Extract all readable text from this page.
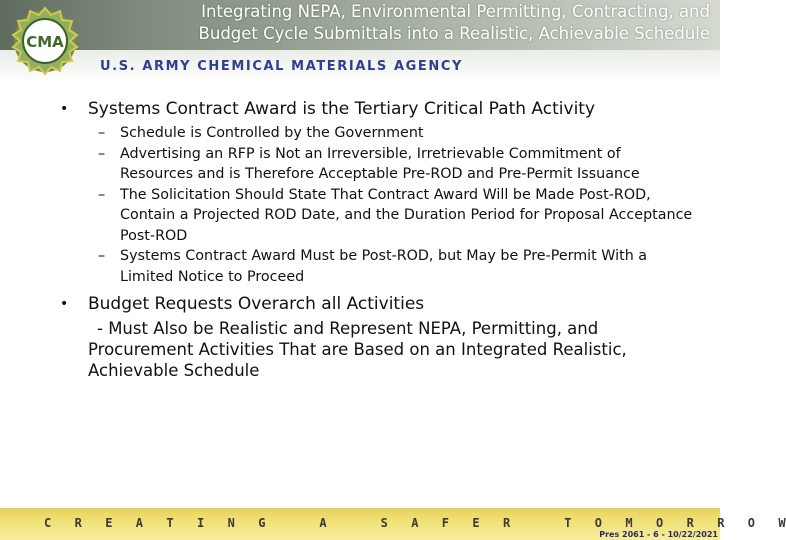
CMA
Integrating NEPA, Environmental Permitting, Contracting, and
Budget Cycle Submittals into a Realistic, Achievable Schedule
U.S. ARMY CHEMICAL MATERIALS AGENCY
• Systems Contract Award is the Tertiary Critical Path Activity
– Schedule is Controlled by the Government
– Advertising an RFP is Not an Irreversible, Irretrievable Commitment of Resources and is Therefore Acceptable Pre-ROD and Pre-Permit Issuance
– The Solicitation Should State That Contract Award Will be Made Post-ROD, Contain a Projected ROD Date, and the Duration Period for Proposal Acceptance Post-ROD
– Systems Contract Award Must be Post-ROD, but May be Pre-Permit With a Limited Notice to Proceed
• Budget Requests Overarch all Activities
- Must Also be Realistic and Represent NEPA, Permitting, and Procurement Activities That are Based on an Integrated Realistic, Achievable Schedule
C R E A T I N G	A	S A F E R	T O M O R R O W
Pres 2061 - 6 - 10/22/2021
